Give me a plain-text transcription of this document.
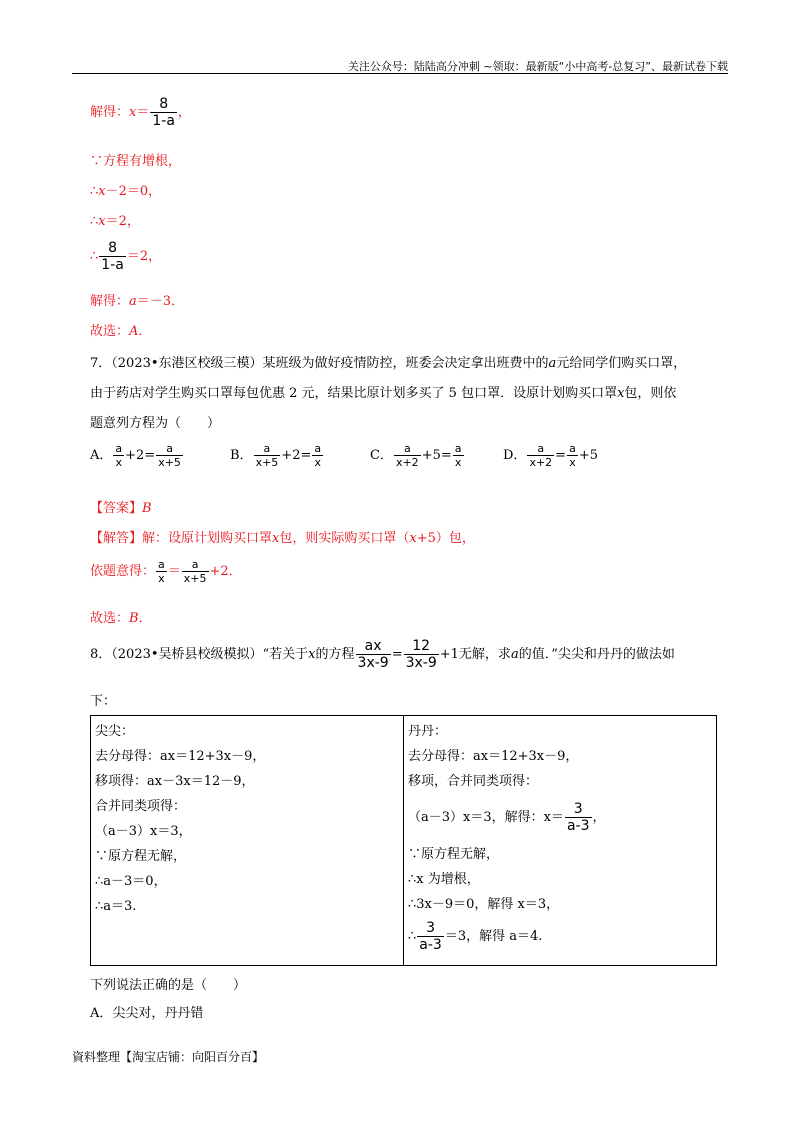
关注公众号：陆陆高分冲刺 ~领取：最新版“小中高考-总复习”、最新试卷下载
解得：$x= \frac{8}{1-a}$ ，
∵方程有增根，
∴x－2＝0，
∴x＝2，
∴ $\frac{8}{1-a} =2$，
解得：a＝－3．
故选：A．
7．（2023•东港区校级三模）某班级为做好疫情防控，班委会决定拿出班费中的a元给同学们购买口罩，
由于药店对学生购买口罩每包优惠 2 元，结果比原计划多买了 5 包口罩．设原计划购买口罩x包，则依
题意列方程为（　　）
A． $\frac{a}{x} +2= \frac{a}{x+5}$	B． $\frac{a}{x+5} +2= \frac{a}{x}$	C． $\frac{a}{x+2} +5= \frac{a}{x}$	D． $\frac{a}{x+2} = \frac{a}{x} +5$
【答案】B
【解答】解：设原计划购买口罩x包，则实际购买口罩（x+5）包，
依题意得： $\frac{a}{x} = \frac{a}{x+5} +2$．
故选：B．
8．（2023•吴桥县校级模拟）“若关于x的方程 $\frac{ax}{3x-9} = \frac{12}{3x-9} +1$无解，求a的值．”尖尖和丹丹的做法如
下：
尖尖：
去分母得：ax＝12+3x－9，
移项得：ax－3x＝12－9，
合并同类项得：
（a－3）x＝3，
∵原方程无解，
∴a－3＝0，
∴a＝3.

丹丹：
去分母得：ax＝12+3x－9，
移项，合并同类项得：
（a－3）x＝3，解得：$x= \frac{3}{a-3}$ ，
∵原方程无解，
∴x 为增根，
∴3x－9＝0，解得 x＝3，
∴ $\frac{3}{a-3} =3$，解得 a＝4.
下列说法正确的是（　　）
A．尖尖对，丹丹错
資料整理【淘宝店铺：向阳百分百】
